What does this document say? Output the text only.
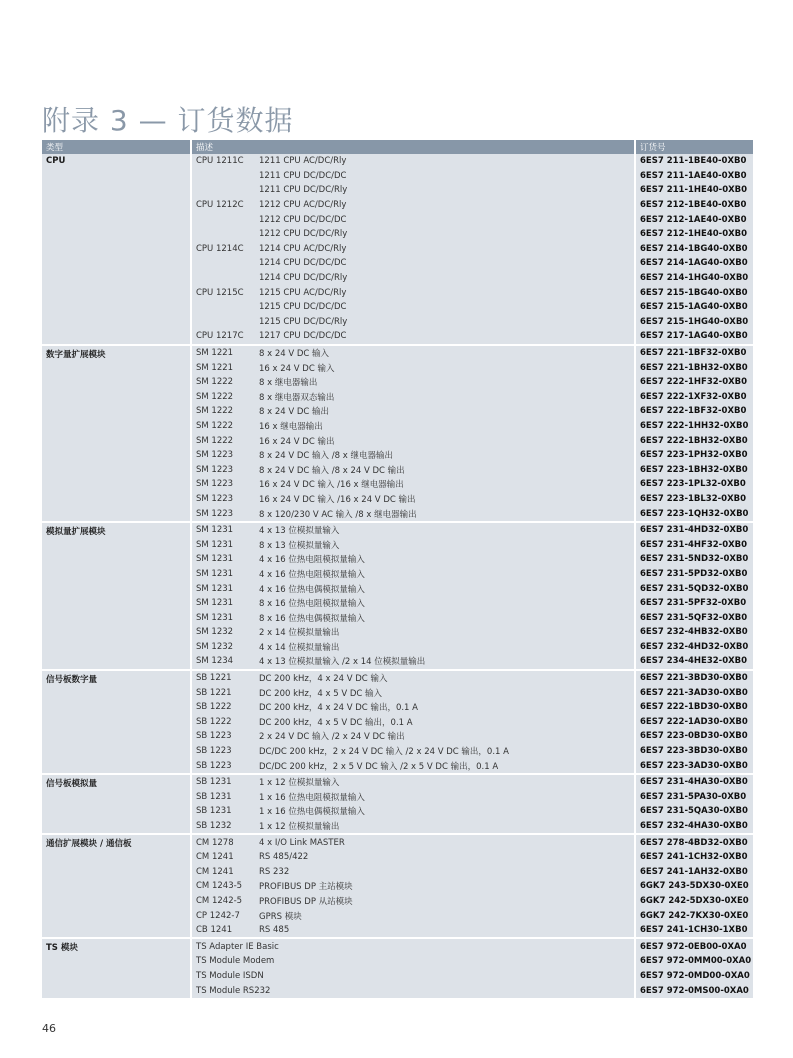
附录 3 — 订货数据
类型	描述		订货号
CPU	CPU 1211C	1211 CPU AC/DC/Rly	6ES7 211-1BE40-0XB0
		1211 CPU DC/DC/DC	6ES7 211-1AE40-0XB0
		1211 CPU DC/DC/Rly	6ES7 211-1HE40-0XB0
	CPU 1212C	1212 CPU AC/DC/Rly	6ES7 212-1BE40-0XB0
		1212 CPU DC/DC/DC	6ES7 212-1AE40-0XB0
		1212 CPU DC/DC/Rly	6ES7 212-1HE40-0XB0
	CPU 1214C	1214 CPU AC/DC/Rly	6ES7 214-1BG40-0XB0
		1214 CPU DC/DC/DC	6ES7 214-1AG40-0XB0
		1214 CPU DC/DC/Rly	6ES7 214-1HG40-0XB0
	CPU 1215C	1215 CPU AC/DC/Rly	6ES7 215-1BG40-0XB0
		1215 CPU DC/DC/DC	6ES7 215-1AG40-0XB0
		1215 CPU DC/DC/Rly	6ES7 215-1HG40-0XB0
	CPU 1217C	1217 CPU DC/DC/DC	6ES7 217-1AG40-0XB0
数字量扩展模块	SM 1221	8 x 24 V DC 输入	6ES7 221-1BF32-0XB0
	SM 1221	16 x 24 V DC 输入	6ES7 221-1BH32-0XB0
	SM 1222	8 x 继电器输出	6ES7 222-1HF32-0XB0
	SM 1222	8 x 继电器双态输出	6ES7 222-1XF32-0XB0
	SM 1222	8 x 24 V DC 输出	6ES7 222-1BF32-0XB0
	SM 1222	16 x 继电器输出	6ES7 222-1HH32-0XB0
	SM 1222	16 x 24 V DC 输出	6ES7 222-1BH32-0XB0
	SM 1223	8 x 24 V DC 输入 /8 x 继电器输出	6ES7 223-1PH32-0XB0
	SM 1223	8 x 24 V DC 输入 /8 x 24 V DC 输出	6ES7 223-1BH32-0XB0
	SM 1223	16 x 24 V DC 输入 /16 x 继电器输出	6ES7 223-1PL32-0XB0
	SM 1223	16 x 24 V DC 输入 /16 x 24 V DC 输出	6ES7 223-1BL32-0XB0
	SM 1223	8 x 120/230 V AC 输入 /8 x 继电器输出	6ES7 223-1QH32-0XB0
模拟量扩展模块	SM 1231	4 x 13 位模拟量输入	6ES7 231-4HD32-0XB0
	SM 1231	8 x 13 位模拟量输入	6ES7 231-4HF32-0XB0
	SM 1231	4 x 16 位热电阻模拟量输入	6ES7 231-5ND32-0XB0
	SM 1231	4 x 16 位热电阻模拟量输入	6ES7 231-5PD32-0XB0
	SM 1231	4 x 16 位热电偶模拟量输入	6ES7 231-5QD32-0XB0
	SM 1231	8 x 16 位热电阻模拟量输入	6ES7 231-5PF32-0XB0
	SM 1231	8 x 16 位热电偶模拟量输入	6ES7 231-5QF32-0XB0
	SM 1232	2 x 14 位模拟量输出	6ES7 232-4HB32-0XB0
	SM 1232	4 x 14 位模拟量输出	6ES7 232-4HD32-0XB0
	SM 1234	4 x 13 位模拟量输入 /2 x 14 位模拟量输出	6ES7 234-4HE32-0XB0
信号板数字量	SB 1221	DC 200 kHz，4 x 24 V DC 输入	6ES7 221-3BD30-0XB0
	SB 1221	DC 200 kHz，4 x 5 V DC 输入	6ES7 221-3AD30-0XB0
	SB 1222	DC 200 kHz，4 x 24 V DC 输出，0.1 A	6ES7 222-1BD30-0XB0
	SB 1222	DC 200 kHz，4 x 5 V DC 输出，0.1 A	6ES7 222-1AD30-0XB0
	SB 1223	2 x 24 V DC 输入 /2 x 24 V DC 输出	6ES7 223-0BD30-0XB0
	SB 1223	DC/DC 200 kHz，2 x 24 V DC 输入 /2 x 24 V DC 输出，0.1 A	6ES7 223-3BD30-0XB0
	SB 1223	DC/DC 200 kHz，2 x 5 V DC 输入 /2 x 5 V DC 输出，0.1 A	6ES7 223-3AD30-0XB0
信号板模拟量	SB 1231	1 x 12 位模拟量输入	6ES7 231-4HA30-0XB0
	SB 1231	1 x 16 位热电阻模拟量输入	6ES7 231-5PA30-0XB0
	SB 1231	1 x 16 位热电偶模拟量输入	6ES7 231-5QA30-0XB0
	SB 1232	1 x 12 位模拟量输出	6ES7 232-4HA30-0XB0
通信扩展模块 / 通信板	CM 1278	4 x I/O Link MASTER	6ES7 278-4BD32-0XB0
	CM 1241	RS 485/422	6ES7 241-1CH32-0XB0
	CM 1241	RS 232	6ES7 241-1AH32-0XB0
	CM 1243-5	PROFIBUS DP 主站模块	6GK7 243-5DX30-0XE0
	CM 1242-5	PROFIBUS DP 从站模块	6GK7 242-5DX30-0XE0
	CP 1242-7	GPRS 模块	6GK7 242-7KX30-0XE0
	CB 1241	RS 485	6ES7 241-1CH30-1XB0
TS 模块	TS Adapter IE Basic		6ES7 972-0EB00-0XA0
	TS Module Modem		6ES7 972-0MM00-0XA0
	TS Module ISDN		6ES7 972-0MD00-0XA0
	TS Module RS232		6ES7 972-0MS00-0XA0
46
